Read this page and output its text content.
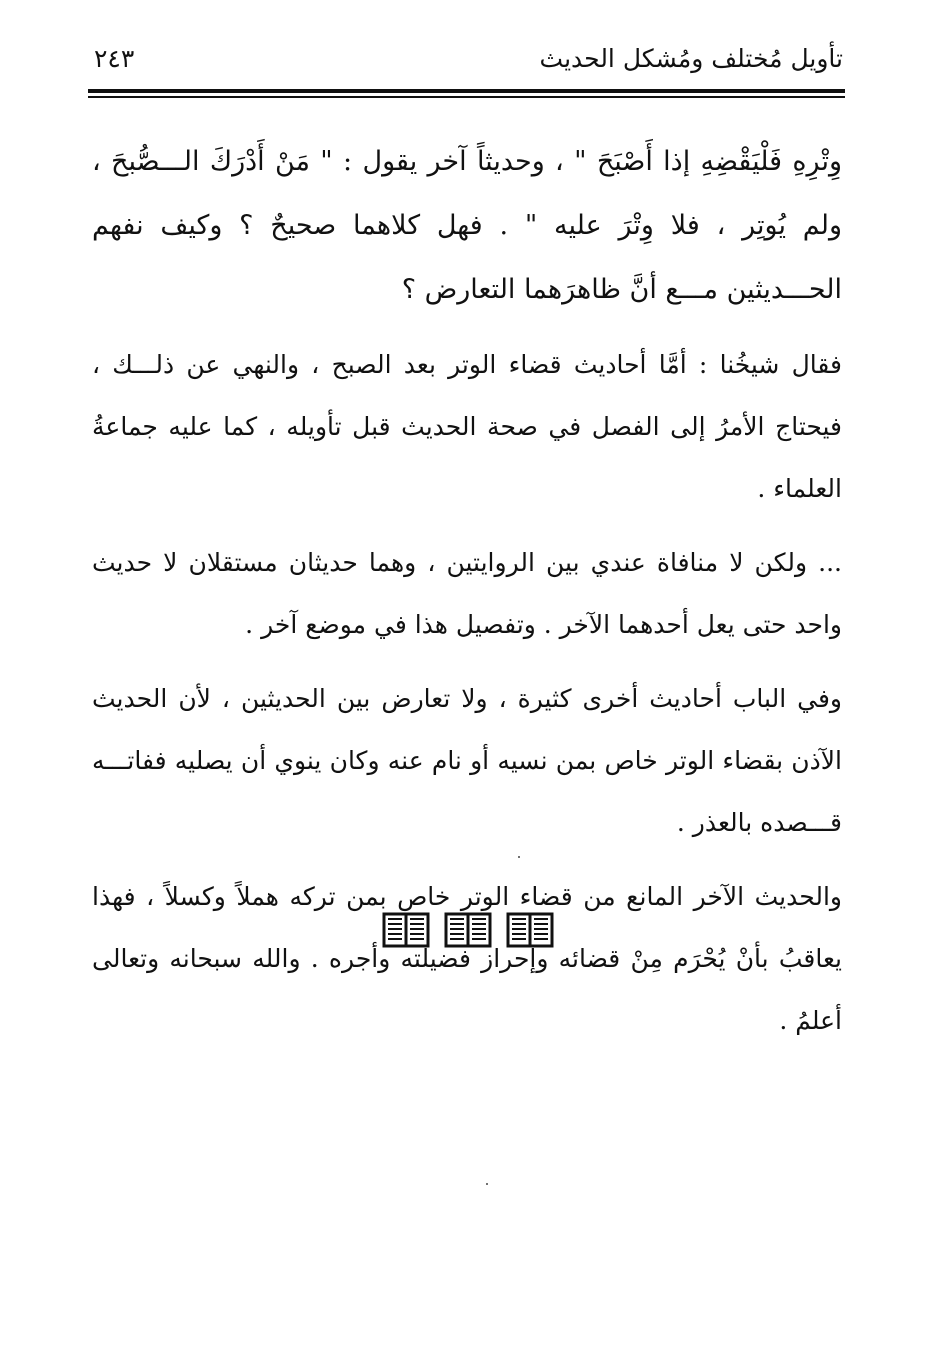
تأويل مُختلف ومُشكل الحديث
٢٤٣

وِتْرِهِ فَلْيَقْضِهِ إذا أَصْبَحَ " ، وحديثاً آخر يقول : " مَنْ أَدْرَكَ الـــصُّبحَ ، ولم يُوتِر ، فلا وِتْرَ عليه " . فهل كلاهما صحيحٌ ؟ وكيف نفهم الحـــديثين مـــع أنَّ ظاهرَهما التعارض ؟

فقال شيخُنا : أمَّا أحاديث قضاء الوتر بعد الصبح ، والنهي عن ذلـــك ، فيحتاج الأمرُ إلى الفصل في صحة الحديث قبل تأويله ، كما عليه جماعةُ العلماء .

... ولكن لا منافاة عندي بين الروايتين ، وهما حديثان مستقلان لا حديث واحد حتى يعل أحدهما الآخر . وتفصيل هذا في موضع آخر .

وفي الباب أحاديث أخرى كثيرة ، ولا تعارض بين الحديثين ، لأن الحديث الآذن بقضاء الوتر خاص بمن نسيه أو نام عنه وكان ينوي أن يصليه ففاتـــه قـــصده بالعذر .

والحديث الآخر المانع من قضاء الوتر خاص بمن تركه هملاً وكسلاً ، فهذا يعاقبُ بأنْ يُحْرَم مِنْ قضائه وإحراز فضيلته وأجره . والله سبحانه وتعالى أعلمُ .
